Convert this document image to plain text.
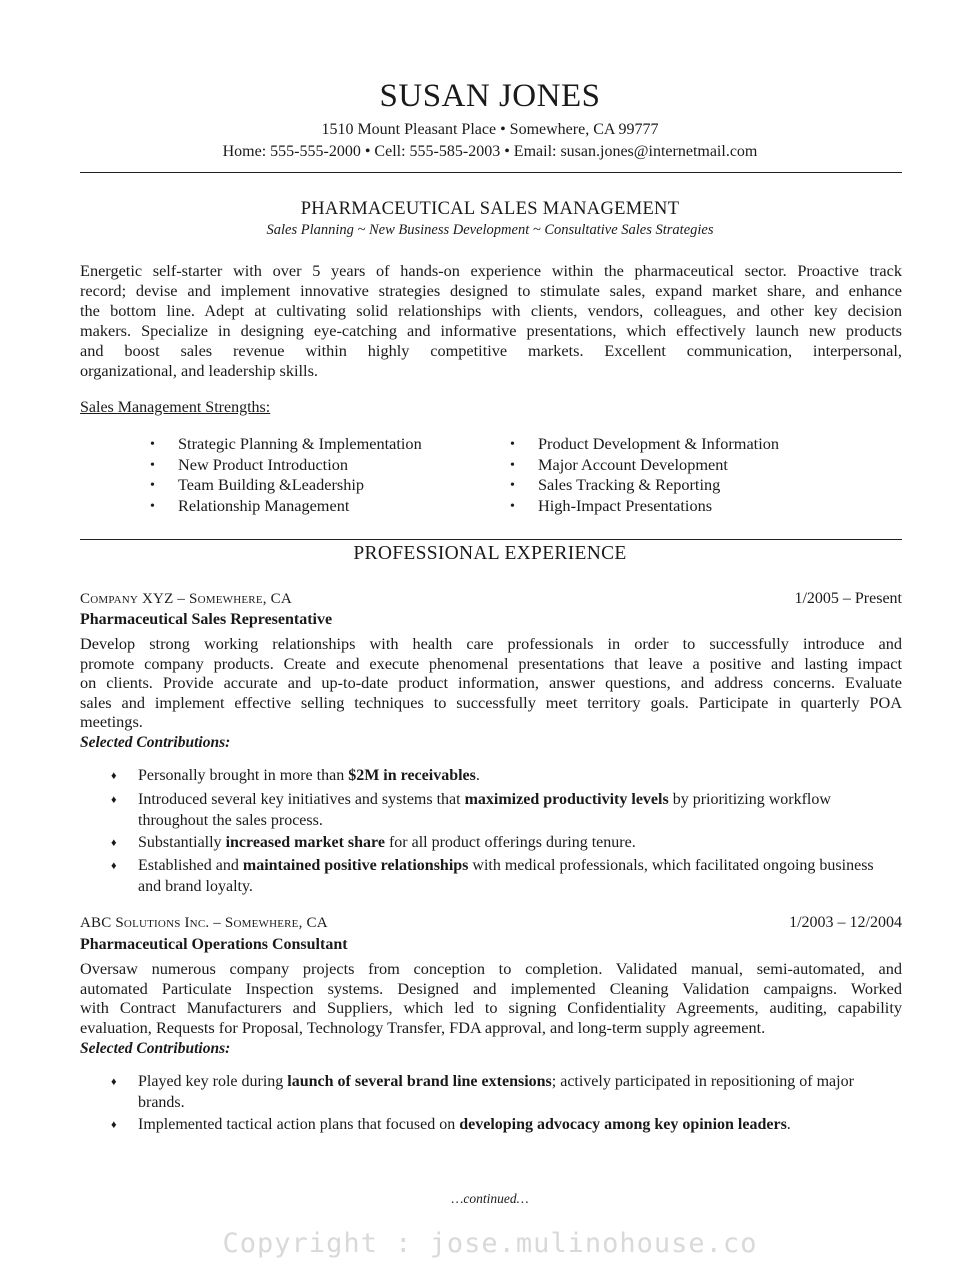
SUSAN JONES
1510 Mount Pleasant Place • Somewhere, CA 99777
Home: 555-555-2000 • Cell: 555-585-2003 • Email: susan.jones@internetmail.com
PHARMACEUTICAL SALES MANAGEMENT
Sales Planning ~ New Business Development ~ Consultative Sales Strategies
Energetic self-starter with over 5 years of hands-on experience within the pharmaceutical sector. Proactive track
record; devise and implement innovative strategies designed to stimulate sales, expand market share, and enhance
the bottom line. Adept at cultivating solid relationships with clients, vendors, colleagues, and other key decision
makers. Specialize in designing eye-catching and informative presentations, which effectively launch new products
and boost sales revenue within highly competitive markets. Excellent communication, interpersonal,
organizational, and leadership skills.
Sales Management Strengths:
• Strategic Planning & Implementation
• New Product Introduction
• Team Building &Leadership
• Relationship Management
• Product Development & Information
• Major Account Development
• Sales Tracking & Reporting
• High-Impact Presentations
PROFESSIONAL EXPERIENCE
Company XYZ – Somewhere, CA	1/2005 – Present
Pharmaceutical Sales Representative
Develop strong working relationships with health care professionals in order to successfully introduce and
promote company products. Create and execute phenomenal presentations that leave a positive and lasting impact
on clients. Provide accurate and up-to-date product information, answer questions, and address concerns. Evaluate
sales and implement effective selling techniques to successfully meet territory goals. Participate in quarterly POA
meetings.
Selected Contributions:
♦ Personally brought in more than $2M in receivables.
♦ Introduced several key initiatives and systems that maximized productivity levels by prioritizing workflow throughout the sales process.
♦ Substantially increased market share for all product offerings during tenure.
♦ Established and maintained positive relationships with medical professionals, which facilitated ongoing business and brand loyalty.
ABC Solutions Inc. – Somewhere, CA	1/2003 – 12/2004
Pharmaceutical Operations Consultant
Oversaw numerous company projects from conception to completion. Validated manual, semi-automated, and
automated Particulate Inspection systems. Designed and implemented Cleaning Validation campaigns. Worked
with Contract Manufacturers and Suppliers, which led to signing Confidentiality Agreements, auditing, capability
evaluation, Requests for Proposal, Technology Transfer, FDA approval, and long-term supply agreement.
Selected Contributions:
♦ Played key role during launch of several brand line extensions; actively participated in repositioning of major brands.
♦ Implemented tactical action plans that focused on developing advocacy among key opinion leaders.
…continued…
Copyright : jose.mulinohouse.co
